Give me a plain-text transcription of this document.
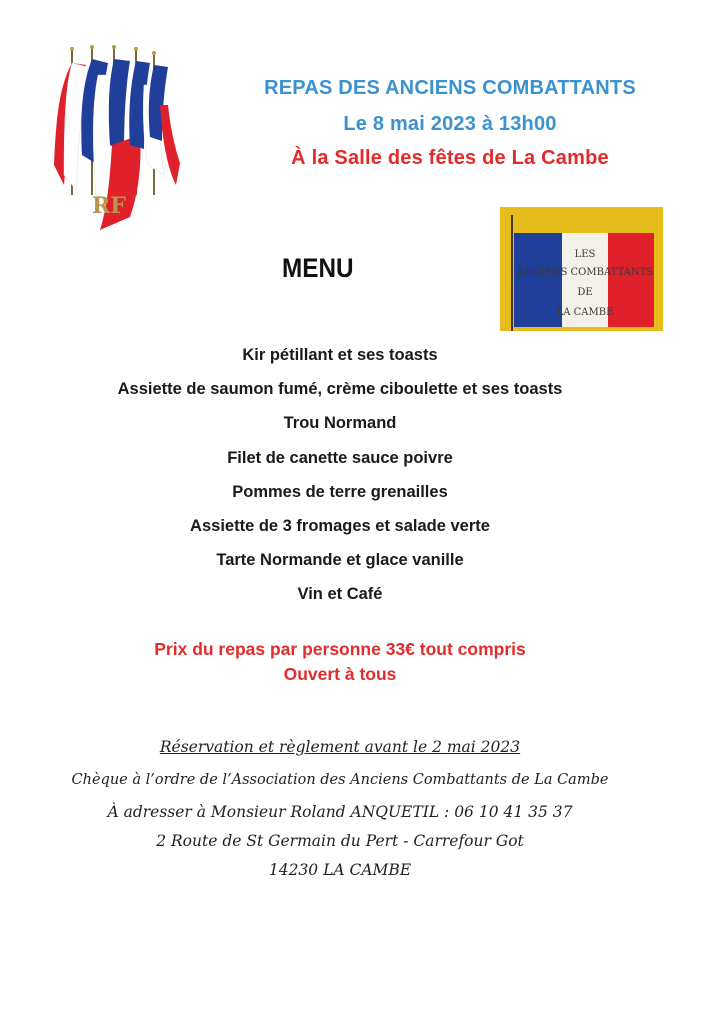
RF
REPAS DES ANCIENS COMBATTANTS
Le 8 mai 2023 à 13h00
À la Salle des fêtes de La Cambe
LES
ANCIENS COMBATTANTS
DE
LA CAMBE
MENU
Kir pétillant et ses toasts
Assiette de saumon fumé, crème ciboulette et ses toasts
Trou Normand
Filet de canette sauce poivre
Pommes de terre grenailles
Assiette de 3 fromages et salade verte
Tarte Normande et glace vanille
Vin et Café
Prix du repas par personne 33€ tout compris
Ouvert à tous
Réservation et règlement avant le 2 mai 2023
Chèque à l’ordre de l’Association des Anciens Combattants de La Cambe
À adresser à Monsieur Roland ANQUETIL : 06 10 41 35 37
2 Route de St Germain du Pert - Carrefour Got
14230 LA CAMBE
